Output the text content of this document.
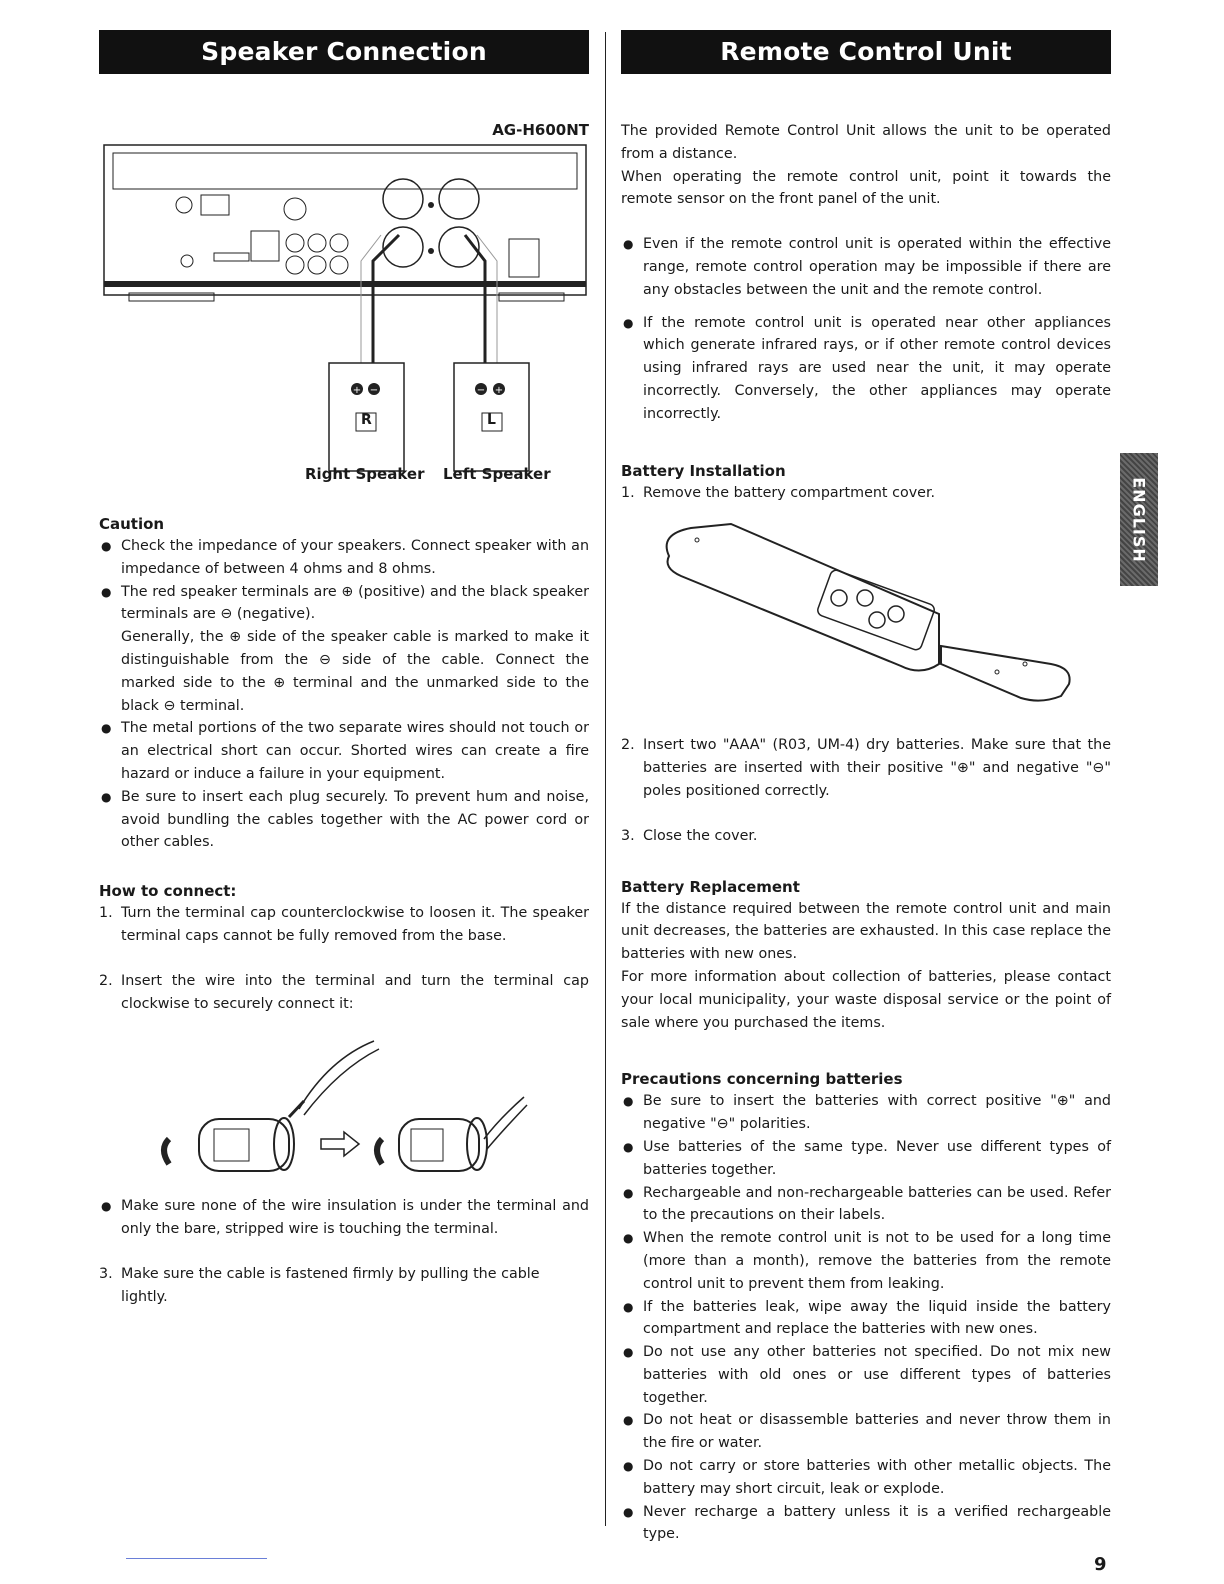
Speaker Connection
AG-H600NT
+ −	− +
R	L
Right Speaker Left Speaker
Caution
● Check the impedance of your speakers. Connect speaker with an impedance of between 4 ohms and 8 ohms.
● The red speaker terminals are ⊕ (positive) and the black speaker terminals are ⊖ (negative).
Generally, the ⊕ side of the speaker cable is marked to make it distinguishable from the ⊖ side of the cable. Connect the marked side to the ⊕ terminal and the unmarked side to the black ⊖ terminal.
● The metal portions of the two separate wires should not touch or an electrical short can occur. Shorted wires can create a fire hazard or induce a failure in your equipment.
● Be sure to insert each plug securely. To prevent hum and noise, avoid bundling the cables together with the AC power cord or other cables.
How to connect:
1. Turn the terminal cap counterclockwise to loosen it. The speaker terminal caps cannot be fully removed from the base.
2. Insert the wire into the terminal and turn the terminal cap clockwise to securely connect it:
● Make sure none of the wire insulation is under the terminal and only the bare, stripped wire is touching the terminal.
3. Make sure the cable is fastened firmly by pulling the cable lightly.
Remote Control Unit

The provided Remote Control Unit allows the unit to be operated from a distance.

When operating the remote control unit, point it towards the remote sensor on the front panel of the unit.

● Even if the remote control unit is operated within the effective range, remote control operation may be impossible if there are any obstacles between the unit and the remote control.
● If the remote control unit is operated near other appliances which generate infrared rays, or if other remote control devices using infrared rays are used near the unit, it may operate incorrectly. Conversely, the other appliances may operate incorrectly.
Battery Installation
1. Remove the battery compartment cover.
2. Insert two "AAA" (R03, UM-4) dry batteries. Make sure that the batteries are inserted with their positive "⊕" and negative "⊖" poles positioned correctly.
3. Close the cover.
Battery Replacement

If the distance required between the remote control unit and main unit decreases, the batteries are exhausted. In this case replace the batteries with new ones.

For more information about collection of batteries, please contact your local municipality, your waste disposal service or the point of sale where you purchased the items.

Precautions concerning batteries
● Be sure to insert the batteries with correct positive "⊕" and negative "⊖" polarities.
● Use batteries of the same type. Never use different types of batteries together.
● Rechargeable and non-rechargeable batteries can be used. Refer to the precautions on their labels.
● When the remote control unit is not to be used for a long time (more than a month), remove the batteries from the remote control unit to prevent them from leaking.
● If the batteries leak, wipe away the liquid inside the battery compartment and replace the batteries with new ones.
● Do not use any other batteries not specified. Do not mix new batteries with old ones or use different types of batteries together.
● Do not heat or disassemble batteries and never throw them in the fire or water.
● Do not carry or store batteries with other metallic objects. The battery may short circuit, leak or explode.
● Never recharge a battery unless it is a verified rechargeable type.
ENGLISH
9
